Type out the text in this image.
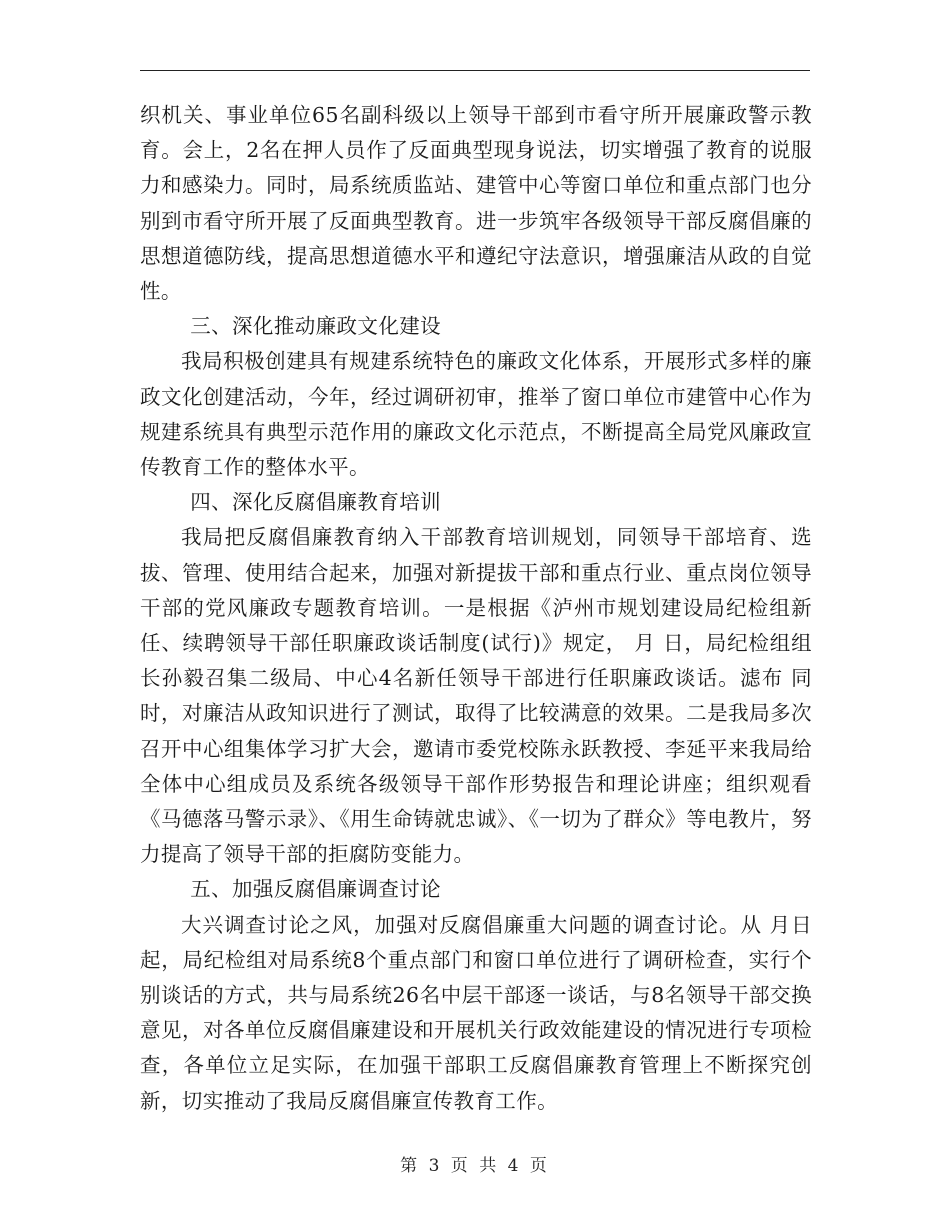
织机关、事业单位65名副科级以上领导干部到市看守所开展廉政警示教育。会上，2名在押人员作了反面典型现身说法，切实增强了教育的说服力和感染力。同时，局系统质监站、建管中心等窗口单位和重点部门也分别到市看守所开展了反面典型教育。进一步筑牢各级领导干部反腐倡廉的思想道德防线，提高思想道德水平和遵纪守法意识，增强廉洁从政的自觉性。

三、深化推动廉政文化建设

我局积极创建具有规建系统特色的廉政文化体系，开展形式多样的廉政文化创建活动，今年，经过调研初审，推举了窗口单位市建管中心作为规建系统具有典型示范作用的廉政文化示范点，不断提高全局党风廉政宣传教育工作的整体水平。

四、深化反腐倡廉教育培训

我局把反腐倡廉教育纳入干部教育培训规划，同领导干部培育、选拔、管理、使用结合起来，加强对新提拔干部和重点行业、重点岗位领导干部的党风廉政专题教育培训。一是根据《泸州市规划建设局纪检组新任、续聘领导干部任职廉政谈话制度(试行)》规定， 月 日，局纪检组组长孙毅召集二级局、中心4名新任领导干部进行任职廉政谈话。滤布 同时，对廉洁从政知识进行了测试，取得了比较满意的效果。二是我局多次召开中心组集体学习扩大会，邀请市委党校陈永跃教授、李延平来我局给全体中心组成员及系统各级领导干部作形势报告和理论讲座；组织观看《马德落马警示录》、《用生命铸就忠诚》、《一切为了群众》等电教片，努力提高了领导干部的拒腐防变能力。

五、加强反腐倡廉调查讨论

大兴调查讨论之风，加强对反腐倡廉重大问题的调查讨论。从 月日起，局纪检组对局系统8个重点部门和窗口单位进行了调研检查，实行个别谈话的方式，共与局系统26名中层干部逐一谈话，与8名领导干部交换意见，对各单位反腐倡廉建设和开展机关行政效能建设的情况进行专项检查，各单位立足实际，在加强干部职工反腐倡廉教育管理上不断探究创新，切实推动了我局反腐倡廉宣传教育工作。

第 3 页 共 4 页
